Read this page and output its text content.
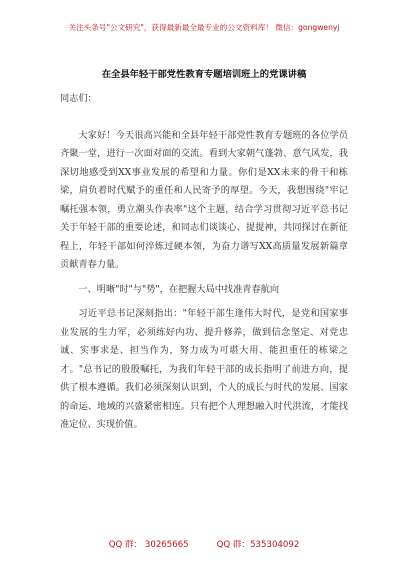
关注头条号"公文研究"，获得最新最全最专业的公文资料库！ 微信：gongwenyj
在全县年轻干部党性教育专题培训班上的党课讲稿

同志们：

大家好！今天很高兴能和全县年轻干部党性教育专题班的各位学员齐聚一堂，进行一次面对面的交流。看到大家朝气蓬勃、意气风发，我深切地感受到XX事业发展的希望和力量。你们是XX未来的骨干和栋梁，肩负着时代赋予的重任和人民寄予的厚望。今天，我想围绕"牢记嘱托强本领，勇立潮头作表率"这个主题，结合学习贯彻习近平总书记关于年轻干部的重要论述，和同志们谈谈心、提提神，共同探讨在新征程上，年轻干部如何淬炼过硬本领，为奋力谱写XX高质量发展新篇章贡献青春力量。

一、明晰"时"与"势"，在把握大局中找准青春航向

习近平总书记深刻指出："年轻干部生逢伟大时代，是党和国家事业发展的生力军，必须练好内功、提升修养，做到信念坚定、对党忠诚、实事求是、担当作为，努力成为可堪大用、能担重任的栋梁之才。"总书记的殷殷嘱托，为我们年轻干部的成长指明了前进方向，提供了根本遵循。我们必须深刻认识到，个人的成长与时代的发展、国家的命运、地域的兴盛紧密相连。只有把个人理想融入时代洪流，才能找准定位、实现价值。

QQ 群： 30265665	QQ 群：535304092
